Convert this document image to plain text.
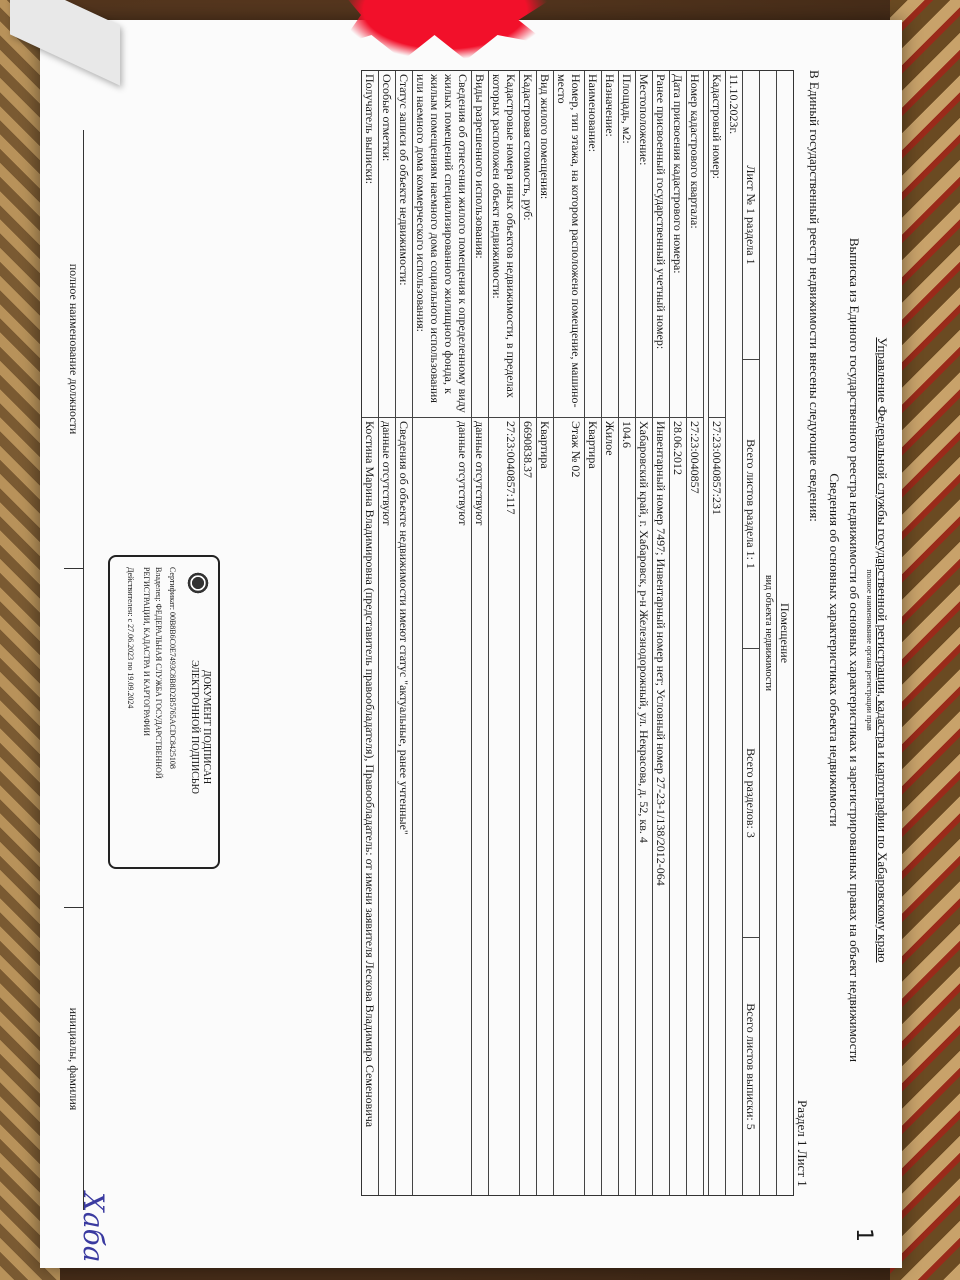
Управление Федеральной службы государственной регистрации, кадастра и картографии по Хабаровскому краю
полное наименование органа регистрации прав
Выписка из Единого государственного реестра недвижимости об основных характеристиках и зарегистрированных правах на объект недвижимости
Сведения об основных характеристиках объекта недвижимости
В Единый государственный реестр недвижимости внесены следующие сведения:
Раздел 1 Лист 1
1
Помещение
вид объекта недвижимости
Лист № 1 раздела 1
Всего листов раздела 1: 1
Всего разделов: 3
Всего листов выписки: 5
11.10.2023г.
Кадастровый номер:
27:23:0040857:231
Номер кадастрового квартала:
27:23:0040857
Дата присвоения кадастрового номера:
28.06.2012
Ранее присвоенный государственный учетный номер:
Инвентарный номер 7497; Инвентарный номер нет; Условный номер 27-23-1/138/2012-064
Местоположение:
Хабаровский край, г. Хабаровск, р-н Железнодорожный, ул. Некрасова, д. 52, кв. 4
Площадь, м2:
104.6
Назначение:
Жилое
Наименование:
Квартира
Номер, тип этажа, на котором расположено помещение, машино-место
Этаж № 02
Вид жилого помещения:
Квартира
Кадастровая стоимость, руб:
6690838.37
Кадастровые номера иных объектов недвижимости, в пределах которых расположен объект недвижимости:
27:23:0040857:117
Виды разрешенного использования:
данные отсутствуют
Сведения об отнесении жилого помещения к определенному виду жилых помещений специализированного жилищного фонда, к жилым помещениям наемного дома социального использования или наемного дома коммерческого использования:
данные отсутствуют
Статус записи об объекте недвижимости:
Сведения об объекте недвижимости имеют статус "актуальные, ранее учтенные"
Особые отметки:
данные отсутствуют
Получатель выписки:
Костина Марина Владимировна (представитель правообладателя), Правообладатель: от имени заявителя Лескова Владимира Семеновича
ДОКУМЕНТ ПОДПИСАН
ЭЛЕКТРОННОЙ ПОДПИСЬЮ
Сертификат: 00B8B6C0E7493C8B8D2B5765ACDC8425108
Владелец: ФЕДЕРАЛЬНАЯ СЛУЖБА ГОСУДАРСТВЕННОЙ
РЕГИСТРАЦИИ, КАДАСТРА И КАРТОГРАФИИ
Действителен: с 27.06.2023 по 19.09.2024
полное наименование должности
инициалы, фамилия
Хаба
